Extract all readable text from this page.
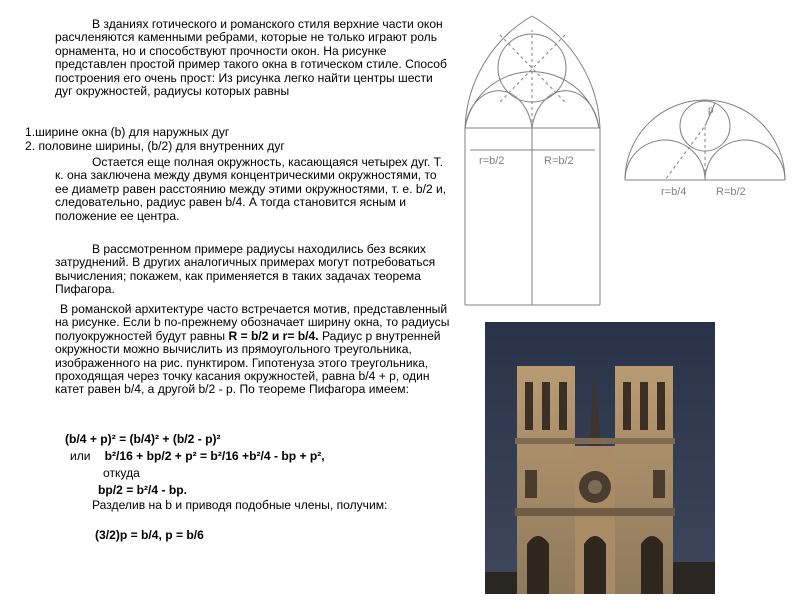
В зданиях готического и романского стиля верхние части окон расчленяются каменными ребрами, которые не только играют роль орнамента, но и способствуют прочности окон. На рисунке представлен простой пример такого окна в готическом стиле. Способ построения его очень прост: Из рисунка легко найти центры шести дуг окружностей, радиусы которых равны

1.ширине окна (b) для наружных дуг

2. половине ширины, (b/2) для внутренних дуг

Остается еще полная окружность, касающаяся четырех дуг. Т. к. она заключена между двумя концентрическими окружностями, то ее диаметр равен расстоянию между этими окружностями, т. е. b/2 и, следовательно, радиус равен b/4. А тогда становится ясным и положение ее центра.

В рассмотренном примере радиусы находились без всяких затруднений. В других аналогичных примерах могут потребоваться вычисления; покажем, как применяется в таких задачах теорема Пифагора.

В романской архитектуре часто встречается мотив, представленный на рисунке. Если b по-прежнему обозначает ширину окна, то радиусы полуокружностей будут равны R = b/2 и r= b/4. Радиус р внутренней окружности можно вычислить из прямоугольного треугольника, изображенного на рис. пунктиром. Гипотенуза этого треугольника, проходящая через точку касания окружностей, равна b/4 + р, один катет равен b/4, а другой b/2 - р. По теореме Пифагора имеем:

(b/4 + p)² = (b/4)² + (b/2 - p)²

или b²/16 + bp/2 + p² = b²/16 +b²/4 - bp + p²,

откуда

bp/2 = b²/4 - bp.

Разделив на b и приводя подобные члены, получим:

(3/2)p = b/4, p = b/6

r=b/2	R=b/2
p
r=b/4	R=b/2
